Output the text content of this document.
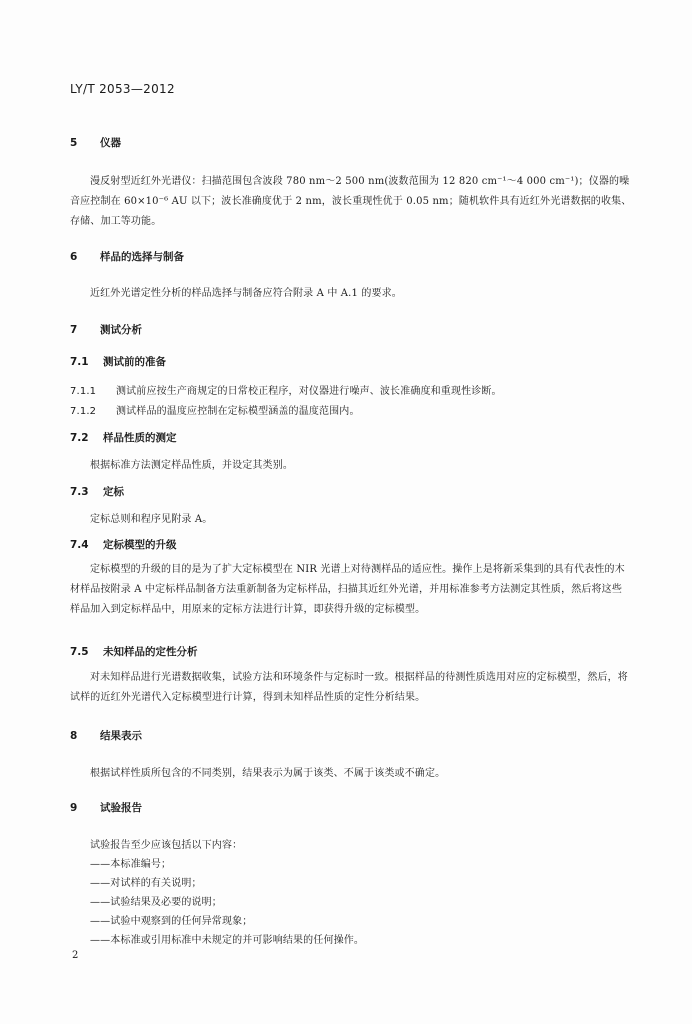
LY/T 2053—2012
5 仪器
漫反射型近红外光谱仪：扫描范围包含波段 780 nm～2 500 nm(波数范围为 12 820 cm⁻¹～4 000 cm⁻¹)；仪器的噪音应控制在 60×10⁻⁶ AU 以下；波长准确度优于 2 nm，波长重现性优于 0.05 nm；随机软件具有近红外光谱数据的收集、存储、加工等功能。
6 样品的选择与制备
近红外光谱定性分析的样品选择与制备应符合附录 A 中 A.1 的要求。
7 测试分析
7.1 测试前的准备
7.1.1 测试前应按生产商规定的日常校正程序，对仪器进行噪声、波长准确度和重现性诊断。
7.1.2 测试样品的温度应控制在定标模型涵盖的温度范围内。
7.2 样品性质的测定
根据标准方法测定样品性质，并设定其类别。
7.3 定标
定标总则和程序见附录 A。
7.4 定标模型的升级
定标模型的升级的目的是为了扩大定标模型在 NIR 光谱上对待测样品的适应性。操作上是将新采集到的具有代表性的木材样品按附录 A 中定标样品制备方法重新制备为定标样品，扫描其近红外光谱，并用标准参考方法测定其性质，然后将这些样品加入到定标样品中，用原来的定标方法进行计算，即获得升级的定标模型。
7.5 未知样品的定性分析
对未知样品进行光谱数据收集，试验方法和环境条件与定标时一致。根据样品的待测性质选用对应的定标模型，然后，将试样的近红外光谱代入定标模型进行计算，得到未知样品性质的定性分析结果。
8 结果表示
根据试样性质所包含的不同类别，结果表示为属于该类、不属于该类或不确定。
9 试验报告
试验报告至少应该包括以下内容：
——本标准编号；
——对试样的有关说明；
——试验结果及必要的说明；
——试验中观察到的任何异常现象；
——本标准或引用标准中未规定的并可影响结果的任何操作。
2
